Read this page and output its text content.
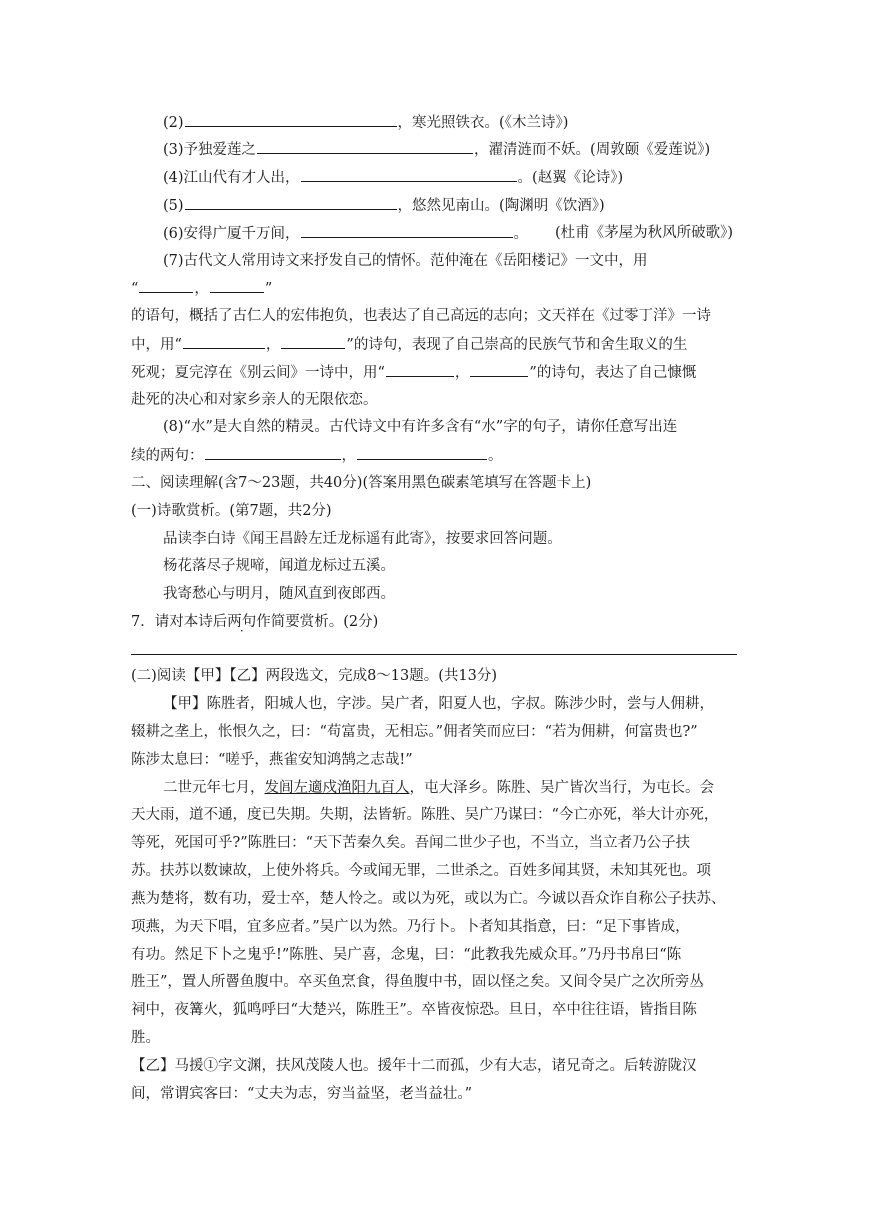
(2)	，寒光照铁衣。(《木兰诗》)
(3)予独爱莲之	，濯清涟而不妖。(周敦颐《爱莲说》)
(4)江山代有才人出，	。(赵翼《论诗》)
(5)	，悠然见南山。(陶渊明《饮酒》)
(6)安得广厦千万间，	。 (杜甫《茅屋为秋风所破歌》)
(7)古代文人常用诗文来抒发自己的情怀。范仲淹在《岳阳楼记》一文中，用
“	，	”
的语句，概括了古仁人的宏伟抱负，也表达了自己高远的志向；文天祥在《过零丁洋》一诗
中，用“	，	”的诗句，表现了自己崇高的民族气节和舍生取义的生
死观；夏完淳在《别云间》一诗中，用“	，	”的诗句，表达了自己慷慨
赴死的决心和对家乡亲人的无限依恋。
(8)“水”是大自然的精灵。古代诗文中有许多含有“水”字的句子，请你任意写出连
续的两句：	，	。
二、阅读理解(含7～23题，共40分)(答案用黑色碳素笔填写在答题卡上)
(一)诗歌赏析。(第7题，共2分)
品读李白诗《闻王昌龄左迁龙标遥有此寄》，按要求回答问题。
杨花落尽子规啼，闻道龙标过五溪。
我寄愁心与明月，随风直到夜郎西。
7．请对本诗后两句作简要赏析。(2分)
(二)阅读【甲】【乙】两段选文，完成8～13题。(共13分)
【甲】陈胜者，阳城人也，字涉。吴广者，阳夏人也，字叔。陈涉少时，尝与人佣耕，
辍耕之垄上，怅恨久之，曰：“苟富贵，无相忘。”佣者笑而应曰：“若为佣耕，何富贵也?”
陈涉太息曰：“嗟乎，燕雀安知鸿鹄之志哉!”
二世元年七月，发闾左適戍渔阳九百人，屯大泽乡。陈胜、吴广皆次当行，为屯长。会
天大雨，道不通，度已失期。失期，法皆斩。陈胜、吴广乃谋曰：“今亡亦死，举大计亦死，
等死，死国可乎?”陈胜曰：“天下苦秦久矣。吾闻二世少子也，不当立，当立者乃公子扶
苏。扶苏以数谏故，上使外将兵。今或闻无罪，二世杀之。百姓多闻其贤，未知其死也。项
燕为楚将，数有功，爱士卒，楚人怜之。或以为死，或以为亡。今诚以吾众诈自称公子扶苏、
项燕，为天下唱，宜多应者。”吴广以为然。乃行卜。卜者知其指意，曰：“足下事皆成，
有功。然足下卜之鬼乎!”陈胜、吴广喜，念鬼，曰：“此教我先威众耳。”乃丹书帛曰“陈
胜王”，置人所罾鱼腹中。卒买鱼烹食，得鱼腹中书，固以怪之矣。又间令吴广之次所旁丛
祠中，夜篝火，狐鸣呼曰“大楚兴，陈胜王”。卒皆夜惊恐。旦日，卒中往往语，皆指目陈
胜。
【乙】马援①字文渊，扶风茂陵人也。援年十二而孤，少有大志，诸兄奇之。后转游陇汉
间，常谓宾客曰：“丈夫为志，穷当益坚，老当益壮。”
